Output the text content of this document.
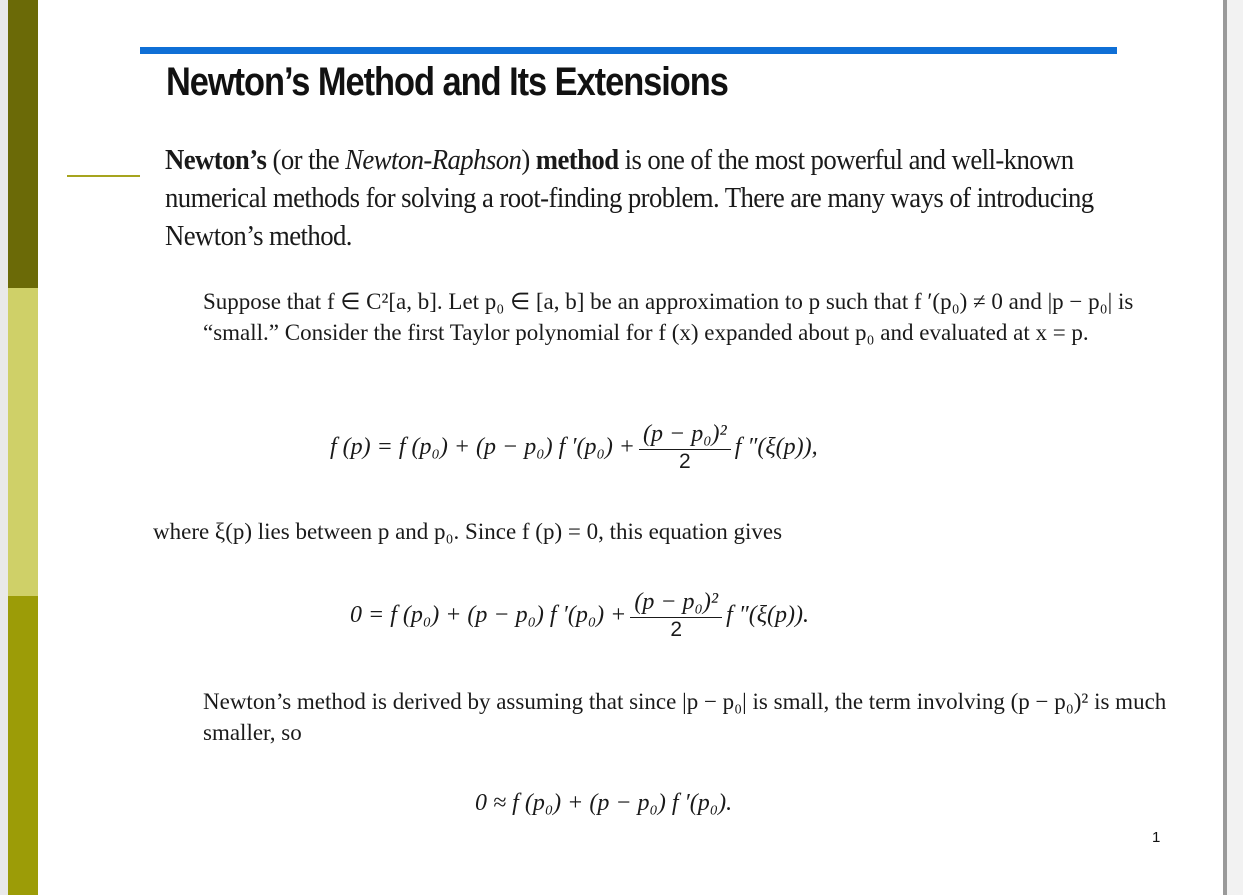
Newton’s Method and Its Extensions
Newton’s (or the Newton-Raphson) method is one of the most powerful and well-known numerical methods for solving a root-finding problem. There are many ways of introducing Newton’s method.
Suppose that f ∈ C²[a, b]. Let p₀ ∈ [a, b] be an approximation to p such that f ′(p₀) ≠ 0 and |p − p₀| is “small.” Consider the first Taylor polynomial for f (x) expanded about p₀ and evaluated at x = p.
f (p) = f (p₀) + (p − p₀) f $'(p_0) + \frac{\text{(p − p₀)²}}{2}$ f ″(ξ(p)),
where ξ(p) lies between p and p₀. Since f (p) = 0, this equation gives
0 = f (p₀) + (p − p₀) f $'(p_0) + \frac{\text{(p − p₀)²}}{2}$ f ″(ξ(p)).
Newton’s method is derived by assuming that since |p − p₀| is small, the term involving (p − p₀)² is much smaller, so
0 ≈ f (p₀) + (p − p₀) f ′(p₀).
1
